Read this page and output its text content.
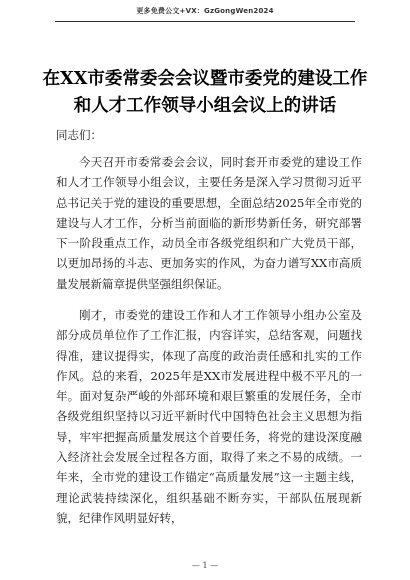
更多免费公文+VX：GzGongWen2024
在XX市委常委会会议暨市委党的建设工作和人才工作领导小组会议上的讲话
同志们：
今天召开市委常委会会议，同时套开市委党的建设工作和人才工作领导小组会议，主要任务是深入学习贯彻习近平总书记关于党的建设的重要思想，全面总结2025年全市党的建设与人才工作，分析当前面临的新形势新任务，研究部署下一阶段重点工作，动员全市各级党组织和广大党员干部，以更加昂扬的斗志、更加务实的作风，为奋力谱写XX市高质量发展新篇章提供坚强组织保证。
刚才，市委党的建设工作和人才工作领导小组办公室及部分成员单位作了工作汇报，内容详实，总结客观，问题找得准，建议提得实，体现了高度的政治责任感和扎实的工作作风。总的来看，2025年是XX市发展进程中极不平凡的一年。面对复杂严峻的外部环境和艰巨繁重的发展任务，全市各级党组织坚持以习近平新时代中国特色社会主义思想为指导，牢牢把握高质量发展这个首要任务，将党的建设深度融入经济社会发展全过程各方面，取得了来之不易的成绩。一年来，全市党的建设工作锚定“高质量发展”这一主题主线，理论武装持续深化，组织基础不断夯实，干部队伍展现新貌，纪律作风明显好转，
— 1 —
